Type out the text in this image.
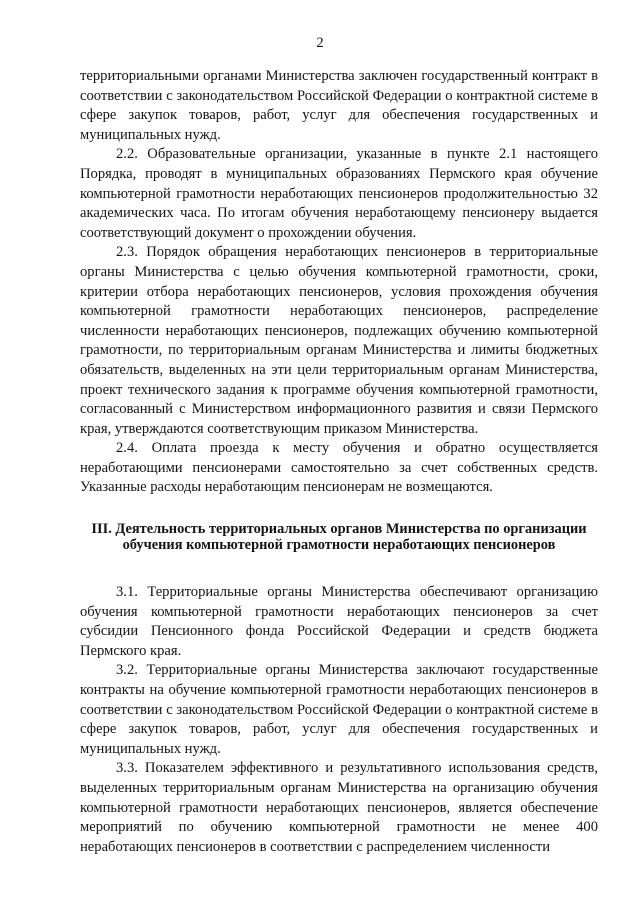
2

территориальными органами Министерства заключен государственный контракт в соответствии с законодательством Российской Федерации о контрактной системе в сфере закупок товаров, работ, услуг для обеспечения государственных и муниципальных нужд.

2.2. Образовательные организации, указанные в пункте 2.1 настоящего Порядка, проводят в муниципальных образованиях Пермского края обучение компьютерной грамотности неработающих пенсионеров продолжительностью 32 академических часа. По итогам обучения неработающему пенсионеру выдается соответствующий документ о прохождении обучения.

2.3. Порядок обращения неработающих пенсионеров в территориальные органы Министерства с целью обучения компьютерной грамотности, сроки, критерии отбора неработающих пенсионеров, условия прохождения обучения компьютерной грамотности неработающих пенсионеров, распределение численности неработающих пенсионеров, подлежащих обучению компьютерной грамотности, по территориальным органам Министерства и лимиты бюджетных обязательств, выделенных на эти цели территориальным органам Министерства, проект технического задания к программе обучения компьютерной грамотности, согласованный с Министерством информационного развития и связи Пермского края, утверждаются соответствующим приказом Министерства.

2.4. Оплата проезда к месту обучения и обратно осуществляется неработающими пенсионерами самостоятельно за счет собственных средств. Указанные расходы неработающим пенсионерам не возмещаются.

III. Деятельность территориальных органов Министерства по организации обучения компьютерной грамотности неработающих пенсионеров

3.1. Территориальные органы Министерства обеспечивают организацию обучения компьютерной грамотности неработающих пенсионеров за счет субсидии Пенсионного фонда Российской Федерации и средств бюджета Пермского края.

3.2. Территориальные органы Министерства заключают государственные контракты на обучение компьютерной грамотности неработающих пенсионеров в соответствии с законодательством Российской Федерации о контрактной системе в сфере закупок товаров, работ, услуг для обеспечения государственных и муниципальных нужд.

3.3. Показателем эффективного и результативного использования средств, выделенных территориальным органам Министерства на организацию обучения компьютерной грамотности неработающих пенсионеров, является обеспечение мероприятий по обучению компьютерной грамотности не менее 400 неработающих пенсионеров в соответствии с распределением численности
